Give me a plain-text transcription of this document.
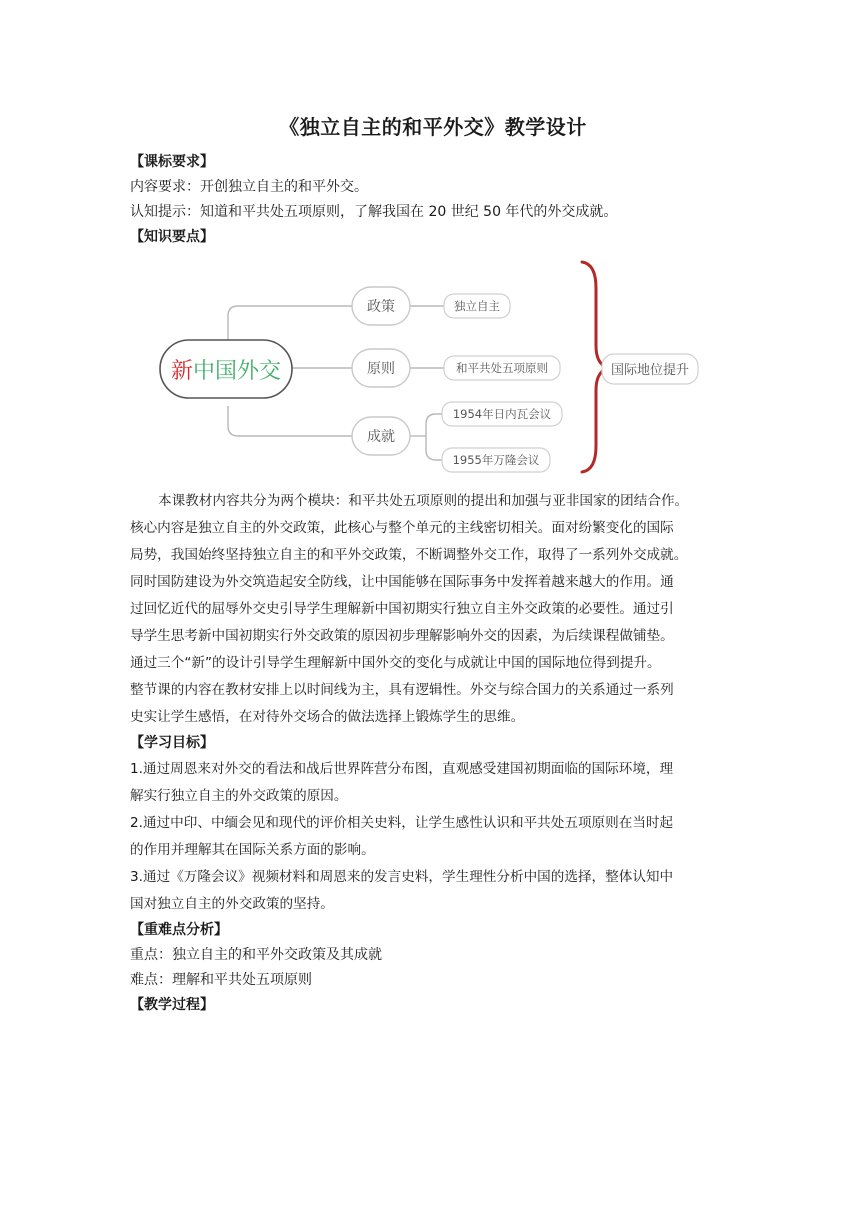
《独立自主的和平外交》教学设计

【课标要求】

内容要求：开创独立自主的和平外交。

认知提示：知道和平共处五项原则，了解我国在 20 世纪 50 年代的外交成就。

【知识要点】

新中国外交
政策
原则
成就
独立自主
和平共处五项原则
1954年日内瓦会议
1955年万隆会议
国际地位提升
本课教材内容共分为两个模块：和平共处五项原则的提出和加强与亚非国家的团结合作。
核心内容是独立自主的外交政策，此核心与整个单元的主线密切相关。面对纷繁变化的国际
局势，我国始终坚持独立自主的和平外交政策，不断调整外交工作，取得了一系列外交成就。
同时国防建设为外交筑造起安全防线，让中国能够在国际事务中发挥着越来越大的作用。通
过回忆近代的屈辱外交史引导学生理解新中国初期实行独立自主外交政策的必要性。通过引
导学生思考新中国初期实行外交政策的原因初步理解影响外交的因素，为后续课程做铺垫。
通过三个“新”的设计引导学生理解新中国外交的变化与成就让中国的国际地位得到提升。
整节课的内容在教材安排上以时间线为主，具有逻辑性。外交与综合国力的关系通过一系列
史实让学生感悟，在对待外交场合的做法选择上锻炼学生的思维。

【学习目标】

1.通过周恩来对外交的看法和战后世界阵营分布图，直观感受建国初期面临的国际环境，理
解实行独立自主的外交政策的原因。
2.通过中印、中缅会见和现代的评价相关史料，让学生感性认识和平共处五项原则在当时起
的作用并理解其在国际关系方面的影响。
3.通过《万隆会议》视频材料和周恩来的发言史料，学生理性分析中国的选择，整体认知中
国对独立自主的外交政策的坚持。

【重难点分析】

重点：独立自主的和平外交政策及其成就

难点：理解和平共处五项原则

【教学过程】
